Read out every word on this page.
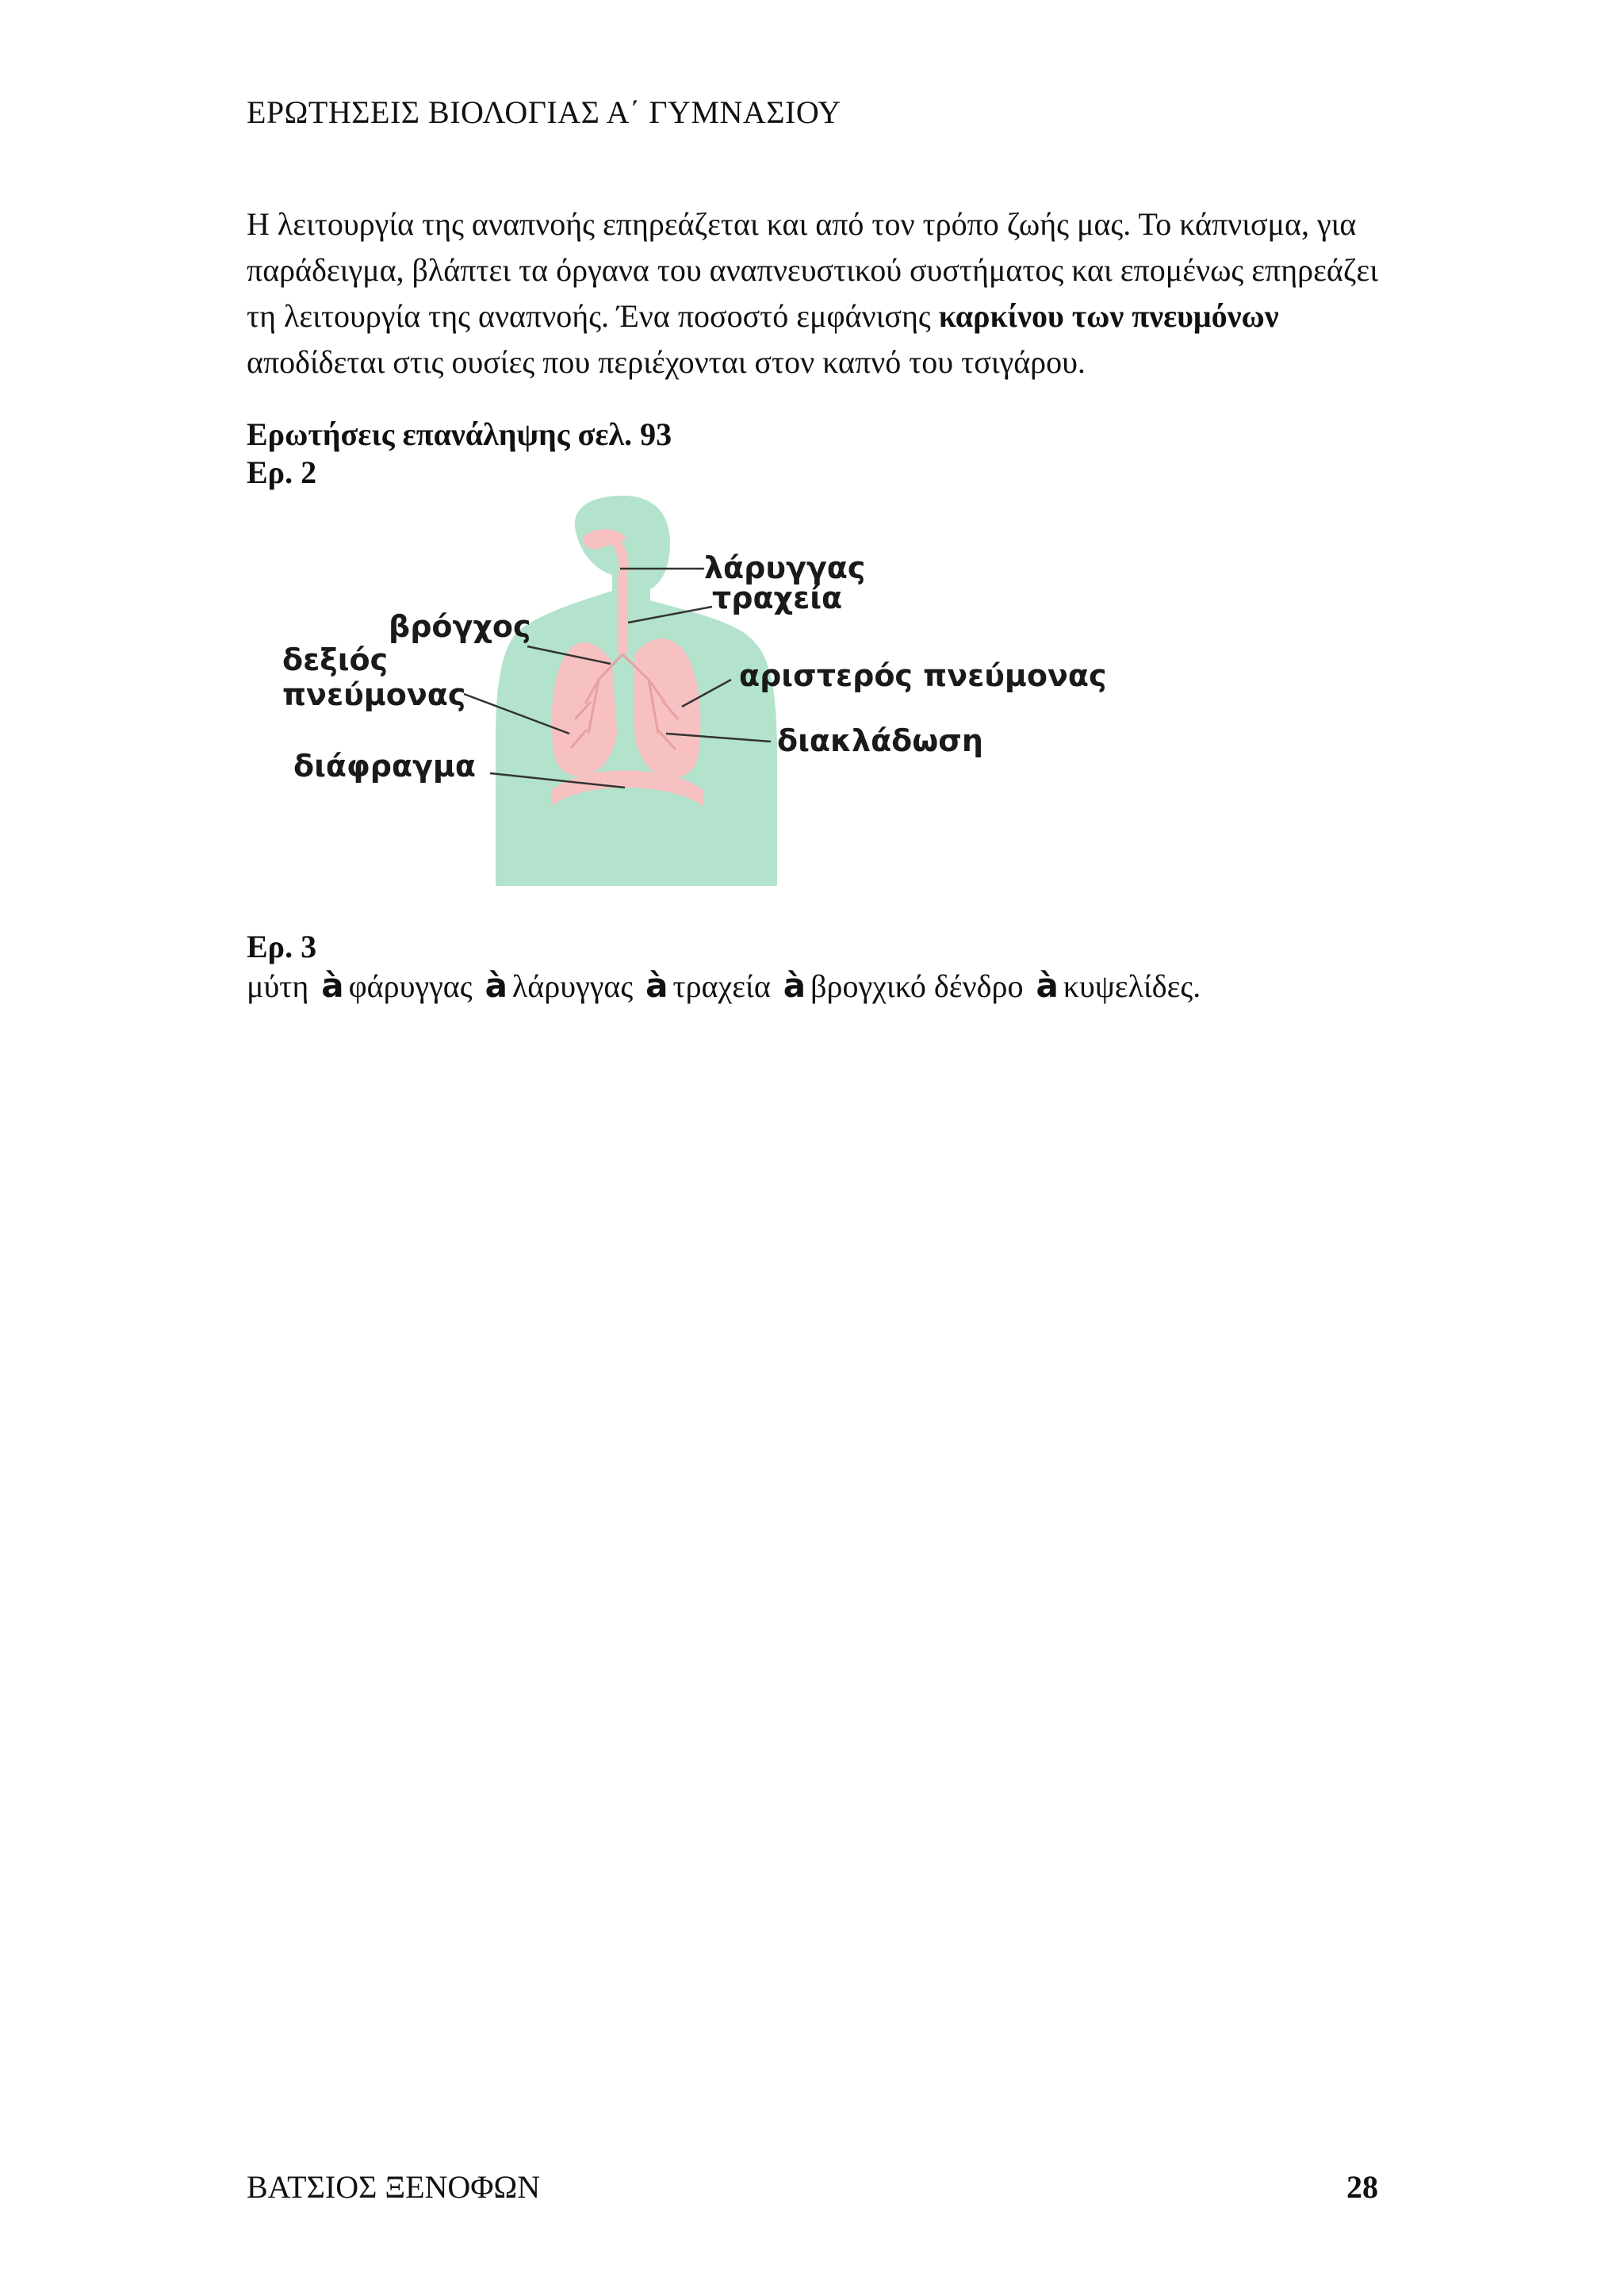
ΕΡΩΤΗΣΕΙΣ ΒΙΟΛΟΓΙΑΣ Α΄ ΓΥΜΝΑΣΙΟΥ

Η λειτουργία της αναπνοής επηρεάζεται και από τον τρόπο ζωής μας. Το κάπνισμα, για παράδειγμα, βλάπτει τα όργανα του αναπνευστικού συστήματος και επομένως επηρεάζει τη λειτουργία της αναπνοής. Ένα ποσοστό εμφάνισης καρκίνου των πνευμόνων αποδίδεται στις ουσίες που περιέχονται στον καπνό του τσιγάρου.

Ερωτήσεις επανάληψης σελ. 93
Ερ. 2
τραχεία
λάρυγγας
βρόγχος
δεξιός
πνεύμονας
αριστερός πνεύμονας
διακλάδωση
διάφραγμα
Ερ. 3
μύτη à φάρυγγας à λάρυγγας à τραχεία à βρογχικό δένδρο à κυψελίδες.
ΒΑΤΣΙΟΣ ΞΕΝΟΦΩΝ	28
